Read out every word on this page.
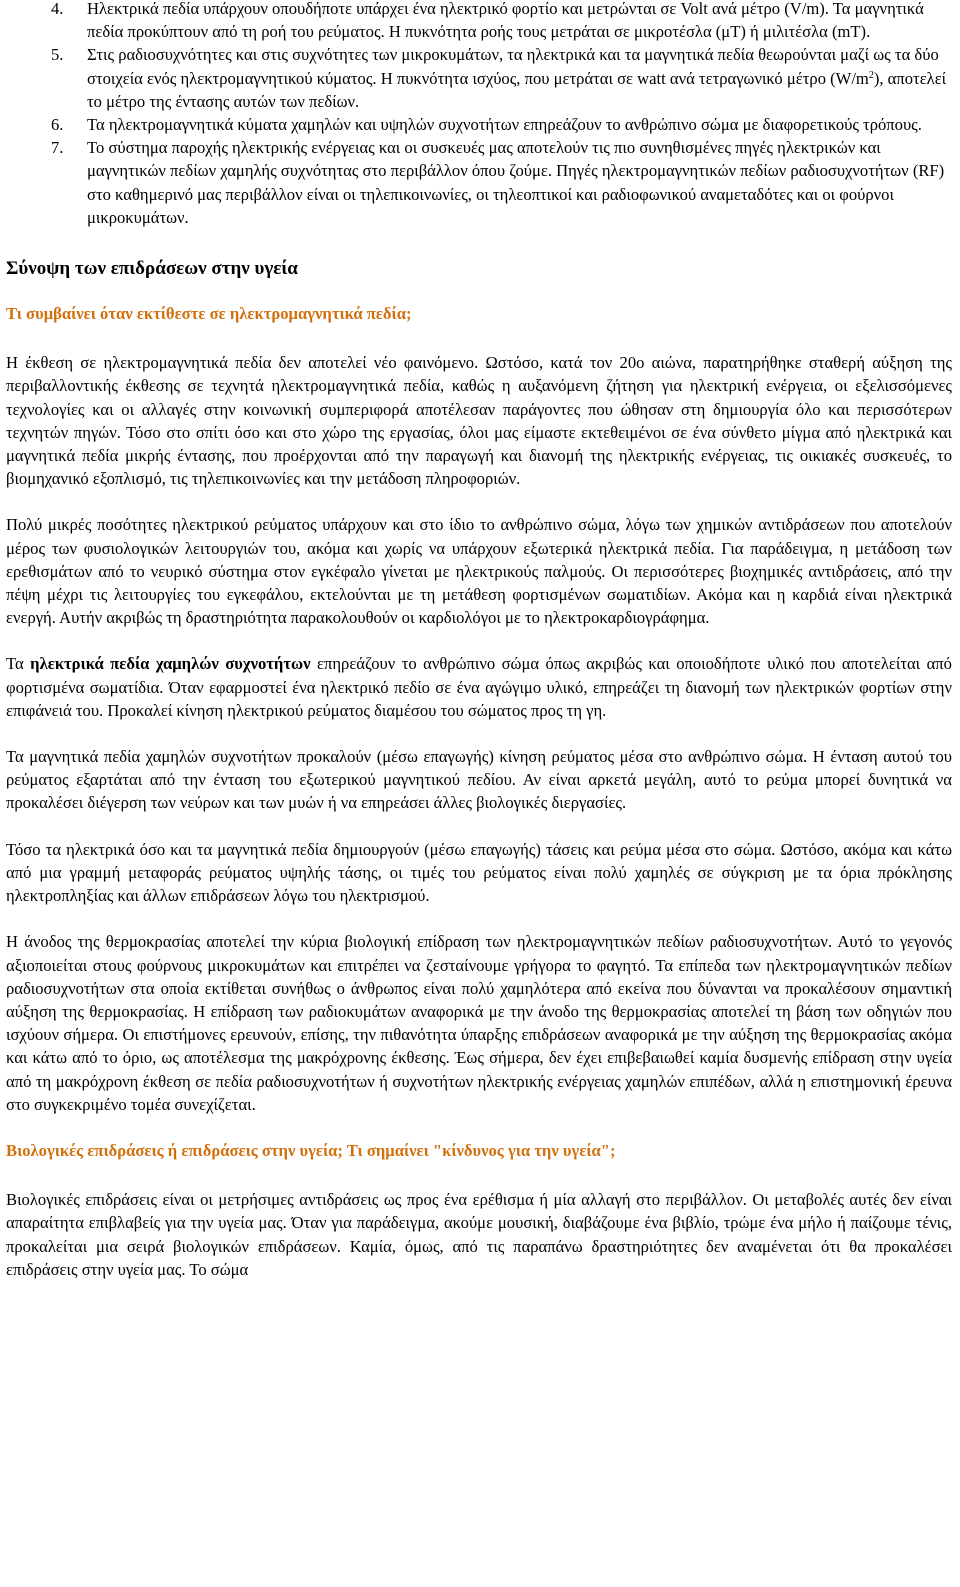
4. Ηλεκτρικά πεδία υπάρχουν οπουδήποτε υπάρχει ένα ηλεκτρικό φορτίο και μετρώνται σε Volt ανά μέτρο (V/m). Τα μαγνητικά πεδία προκύπτουν από τη ροή του ρεύματος. Η πυκνότητα ροής τους μετράται σε μικροτέσλα (μT) ή μιλιτέσλα (mT).
5. Στις ραδιοσυχνότητες και στις συχνότητες των μικροκυμάτων, τα ηλεκτρικά και τα μαγνητικά πεδία θεωρούνται μαζί ως τα δύο στοιχεία ενός ηλεκτρομαγνητικού κύματος. Η πυκνότητα ισχύος, που μετράται σε watt ανά τετραγωνικό μέτρο $(W/m^2)$, αποτελεί το μέτρο της έντασης αυτών των πεδίων.
6. Τα ηλεκτρομαγνητικά κύματα χαμηλών και υψηλών συχνοτήτων επηρεάζουν το ανθρώπινο σώμα με διαφορετικούς τρόπους.
7. Το σύστημα παροχής ηλεκτρικής ενέργειας και οι συσκευές μας αποτελούν τις πιο συνηθισμένες πηγές ηλεκτρικών και μαγνητικών πεδίων χαμηλής συχνότητας στο περιβάλλον όπου ζούμε. Πηγές ηλεκτρομαγνητικών πεδίων ραδιοσυχνοτήτων (RF) στο καθημερινό μας περιβάλλον είναι οι τηλεπικοινωνίες, οι τηλεοπτικοί και ραδιοφωνικού αναμεταδότες και οι φούρνοι μικροκυμάτων.
Σύνοψη των επιδράσεων στην υγεία
Τι συμβαίνει όταν εκτίθεστε σε ηλεκτρομαγνητικά πεδία;

Η έκθεση σε ηλεκτρομαγνητικά πεδία δεν αποτελεί νέο φαινόμενο. Ωστόσο, κατά τον 20ο αιώνα, παρατηρήθηκε σταθερή αύξηση της περιβαλλοντικής έκθεσης σε τεχνητά ηλεκτρομαγνητικά πεδία, καθώς η αυξανόμενη ζήτηση για ηλεκτρική ενέργεια, οι εξελισσόμενες τεχνολογίες και οι αλλαγές στην κοινωνική συμπεριφορά αποτέλεσαν παράγοντες που ώθησαν στη δημιουργία όλο και περισσότερων τεχνητών πηγών. Τόσο στο σπίτι όσο και στο χώρο της εργασίας, όλοι μας είμαστε εκτεθειμένοι σε ένα σύνθετο μίγμα από ηλεκτρικά και μαγνητικά πεδία μικρής έντασης, που προέρχονται από την παραγωγή και διανομή της ηλεκτρικής ενέργειας, τις οικιακές συσκευές, το βιομηχανικό εξοπλισμό, τις τηλεπικοινωνίες και την μετάδοση πληροφοριών.

Πολύ μικρές ποσότητες ηλεκτρικού ρεύματος υπάρχουν και στο ίδιο το ανθρώπινο σώμα, λόγω των χημικών αντιδράσεων που αποτελούν μέρος των φυσιολογικών λειτουργιών του, ακόμα και χωρίς να υπάρχουν εξωτερικά ηλεκτρικά πεδία. Για παράδειγμα, η μετάδοση των ερεθισμάτων από το νευρικό σύστημα στον εγκέφαλο γίνεται με ηλεκτρικούς παλμούς. Οι περισσότερες βιοχημικές αντιδράσεις, από την πέψη μέχρι τις λειτουργίες του εγκεφάλου, εκτελούνται με τη μετάθεση φορτισμένων σωματιδίων. Ακόμα και η καρδιά είναι ηλεκτρικά ενεργή. Αυτήν ακριβώς τη δραστηριότητα παρακολουθούν οι καρδιολόγοι με το ηλεκτροκαρδιογράφημα.

Τα ηλεκτρικά πεδία χαμηλών συχνοτήτων επηρεάζουν το ανθρώπινο σώμα όπως ακριβώς και οποιοδήποτε υλικό που αποτελείται από φορτισμένα σωματίδια. Όταν εφαρμοστεί ένα ηλεκτρικό πεδίο σε ένα αγώγιμο υλικό, επηρεάζει τη διανομή των ηλεκτρικών φορτίων στην επιφάνειά του. Προκαλεί κίνηση ηλεκτρικού ρεύματος διαμέσου του σώματος προς τη γη.

Τα μαγνητικά πεδία χαμηλών συχνοτήτων προκαλούν (μέσω επαγωγής) κίνηση ρεύματος μέσα στο ανθρώπινο σώμα. Η ένταση αυτού του ρεύματος εξαρτάται από την ένταση του εξωτερικού μαγνητικού πεδίου. Αν είναι αρκετά μεγάλη, αυτό το ρεύμα μπορεί δυνητικά να προκαλέσει διέγερση των νεύρων και των μυών ή να επηρεάσει άλλες βιολογικές διεργασίες.

Τόσο τα ηλεκτρικά όσο και τα μαγνητικά πεδία δημιουργούν (μέσω επαγωγής) τάσεις και ρεύμα μέσα στο σώμα. Ωστόσο, ακόμα και κάτω από μια γραμμή μεταφοράς ρεύματος υψηλής τάσης, οι τιμές του ρεύματος είναι πολύ χαμηλές σε σύγκριση με τα όρια πρόκλησης ηλεκτροπληξίας και άλλων επιδράσεων λόγω του ηλεκτρισμού.

Η άνοδος της θερμοκρασίας αποτελεί την κύρια βιολογική επίδραση των ηλεκτρομαγνητικών πεδίων ραδιοσυχνοτήτων. Αυτό το γεγονός αξιοποιείται στους φούρνους μικροκυμάτων και επιτρέπει να ζεσταίνουμε γρήγορα το φαγητό. Τα επίπεδα των ηλεκτρομαγνητικών πεδίων ραδιοσυχνοτήτων στα οποία εκτίθεται συνήθως ο άνθρωπος είναι πολύ χαμηλότερα από εκείνα που δύνανται να προκαλέσουν σημαντική αύξηση της θερμοκρασίας. Η επίδραση των ραδιοκυμάτων αναφορικά με την άνοδο της θερμοκρασίας αποτελεί τη βάση των οδηγιών που ισχύουν σήμερα. Οι επιστήμονες ερευνούν, επίσης, την πιθανότητα ύπαρξης επιδράσεων αναφορικά με την αύξηση της θερμοκρασίας ακόμα και κάτω από το όριο, ως αποτέλεσμα της μακρόχρονης έκθεσης. Έως σήμερα, δεν έχει επιβεβαιωθεί καμία δυσμενής επίδραση στην υγεία από τη μακρόχρονη έκθεση σε πεδία ραδιοσυχνοτήτων ή συχνοτήτων ηλεκτρικής ενέργειας χαμηλών επιπέδων, αλλά η επιστημονική έρευνα στο συγκεκριμένο τομέα συνεχίζεται.

Βιολογικές επιδράσεις ή επιδράσεις στην υγεία; Τι σημαίνει "κίνδυνος για την υγεία";

Βιολογικές επιδράσεις είναι οι μετρήσιμες αντιδράσεις ως προς ένα ερέθισμα ή μία αλλαγή στο περιβάλλον. Οι μεταβολές αυτές δεν είναι απαραίτητα επιβλαβείς για την υγεία μας. Όταν για παράδειγμα, ακούμε μουσική, διαβάζουμε ένα βιβλίο, τρώμε ένα μήλο ή παίζουμε τένις, προκαλείται μια σειρά βιολογικών επιδράσεων. Καμία, όμως, από τις παραπάνω δραστηριότητες δεν αναμένεται ότι θα προκαλέσει επιδράσεις στην υγεία μας. Το σώμα
